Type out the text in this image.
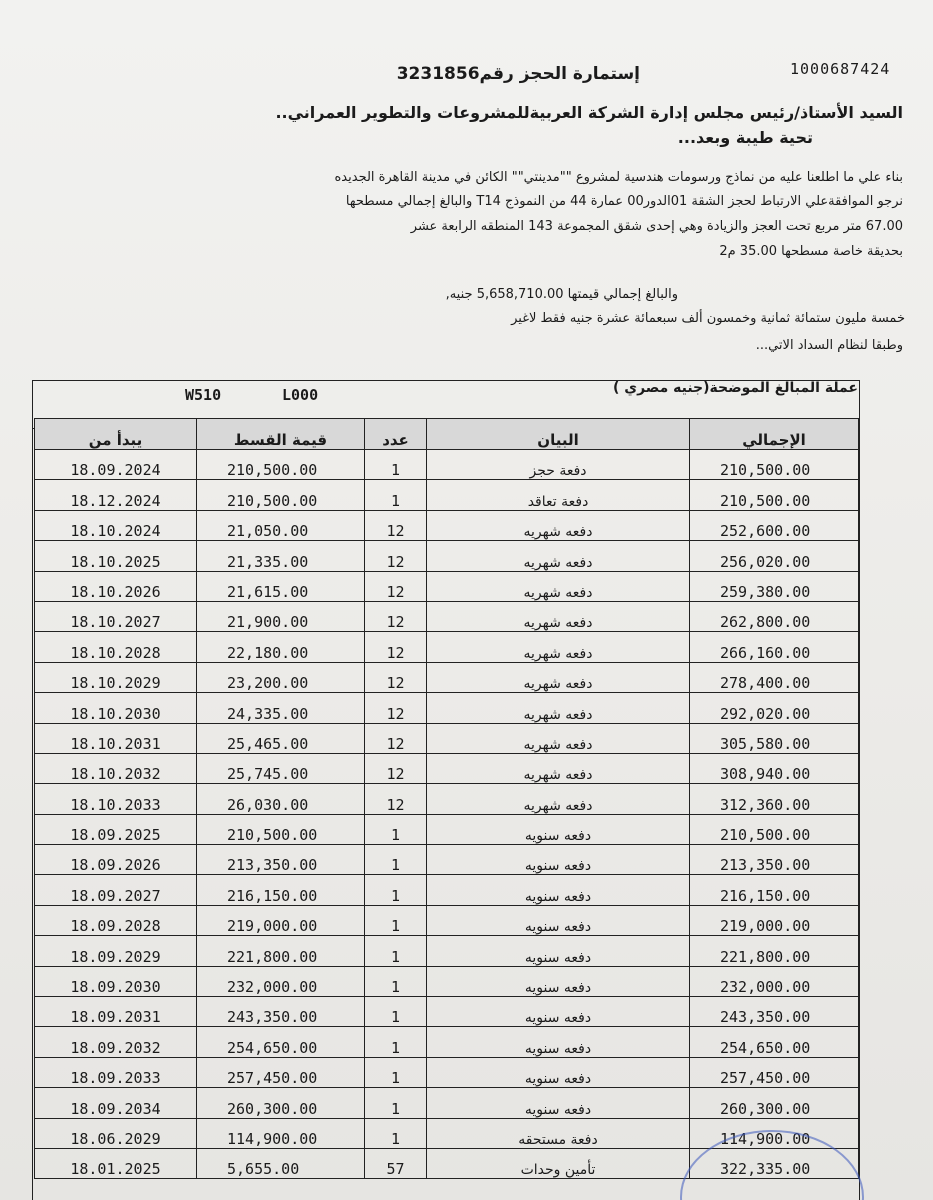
1000687424
إستمارة الحجز رقم3231856
السيد الأستاذ/رئيس مجلس إدارة الشركة العربيةللمشروعات والتطوير العمراني..
تحية طيبة وبعد...
بناء علي ما اطلعنا عليه من نماذج ورسومات هندسية لمشروع ""مدينتي"" الكائن في مدينة القاهرة الجديده
نرجو الموافقةعلي الارتباط لحجز الشقة 01الدور00 عمارة 44 من النموذج T14 والبالغ إجمالي مسطحها
67.00 متر مربع تحت العجز والزيادة وهي إحدى شقق المجموعة 143 المنطقه الرابعة عشر
بحديقة خاصة مسطحها 35.00 م2
والبالغ إجمالي قيمتها 5,658,710.00 جنيه,
خمسة مليون ستمائة ثمانية وخمسون ألف سبعمائة عشرة جنيه فقط لاغير
وطبقا لنظام السداد الاتي...
عملة المبالغ الموضحة(جنيه مصري )
W510	L000
يبدأ من	قيمة القسط	عدد	البيان	الإجمالي
18.09.2024	210,500.00	1	دفعة حجز	210,500.00
18.12.2024	210,500.00	1	دفعة تعاقد	210,500.00
18.10.2024	21,050.00	12	دفعه شهريه	252,600.00
18.10.2025	21,335.00	12	دفعه شهريه	256,020.00
18.10.2026	21,615.00	12	دفعه شهريه	259,380.00
18.10.2027	21,900.00	12	دفعه شهريه	262,800.00
18.10.2028	22,180.00	12	دفعه شهريه	266,160.00
18.10.2029	23,200.00	12	دفعه شهريه	278,400.00
18.10.2030	24,335.00	12	دفعه شهريه	292,020.00
18.10.2031	25,465.00	12	دفعه شهريه	305,580.00
18.10.2032	25,745.00	12	دفعه شهريه	308,940.00
18.10.2033	26,030.00	12	دفعه شهريه	312,360.00
18.09.2025	210,500.00	1	دفعه سنويه	210,500.00
18.09.2026	213,350.00	1	دفعه سنويه	213,350.00
18.09.2027	216,150.00	1	دفعه سنويه	216,150.00
18.09.2028	219,000.00	1	دفعه سنويه	219,000.00
18.09.2029	221,800.00	1	دفعه سنويه	221,800.00
18.09.2030	232,000.00	1	دفعه سنويه	232,000.00
18.09.2031	243,350.00	1	دفعه سنويه	243,350.00
18.09.2032	254,650.00	1	دفعه سنويه	254,650.00
18.09.2033	257,450.00	1	دفعه سنويه	257,450.00
18.09.2034	260,300.00	1	دفعه سنويه	260,300.00
18.06.2029	114,900.00	1	دفعة مستحقه	114,900.00
18.01.2025	5,655.00	57	تأمين وحدات	322,335.00
